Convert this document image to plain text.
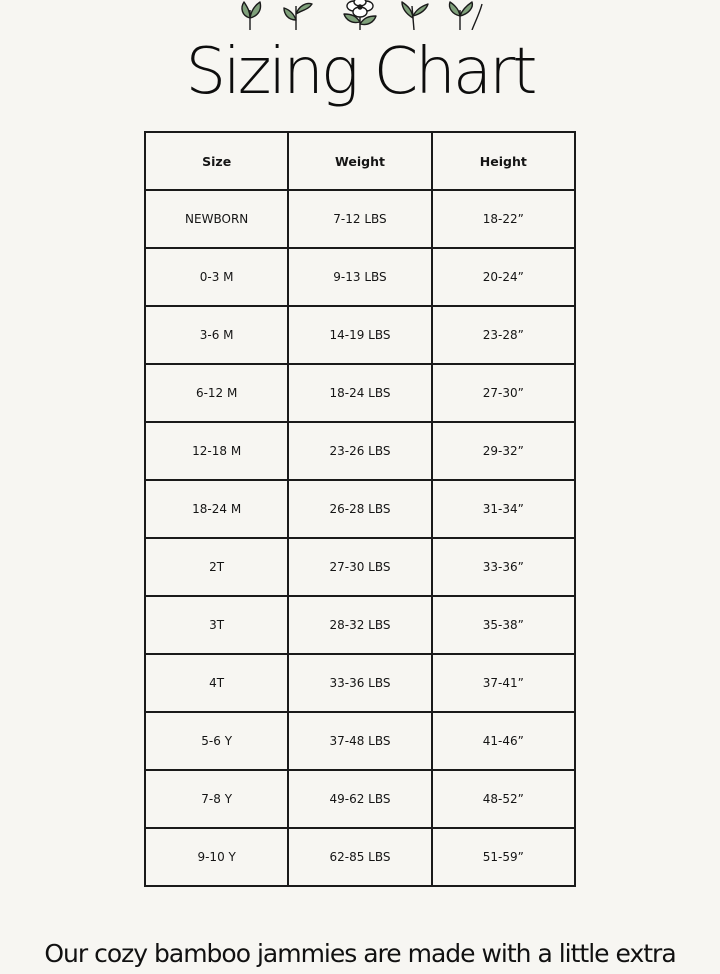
Sizing Chart
Size	Weight	Height
NEWBORN	7-12 LBS	18-22”
0-3 M	9-13 LBS	20-24”
3-6 M	14-19 LBS	23-28”
6-12 M	18-24 LBS	27-30”
12-18 M	23-26 LBS	29-32”
18-24 M	26-28 LBS	31-34”
2T	27-30 LBS	33-36”
3T	28-32 LBS	35-38”
4T	33-36 LBS	37-41”
5-6 Y	37-48 LBS	41-46”
7-8 Y	49-62 LBS	48-52”
9-10 Y	62-85 LBS	51-59”
Our cozy bamboo jammies are made with a little extra
